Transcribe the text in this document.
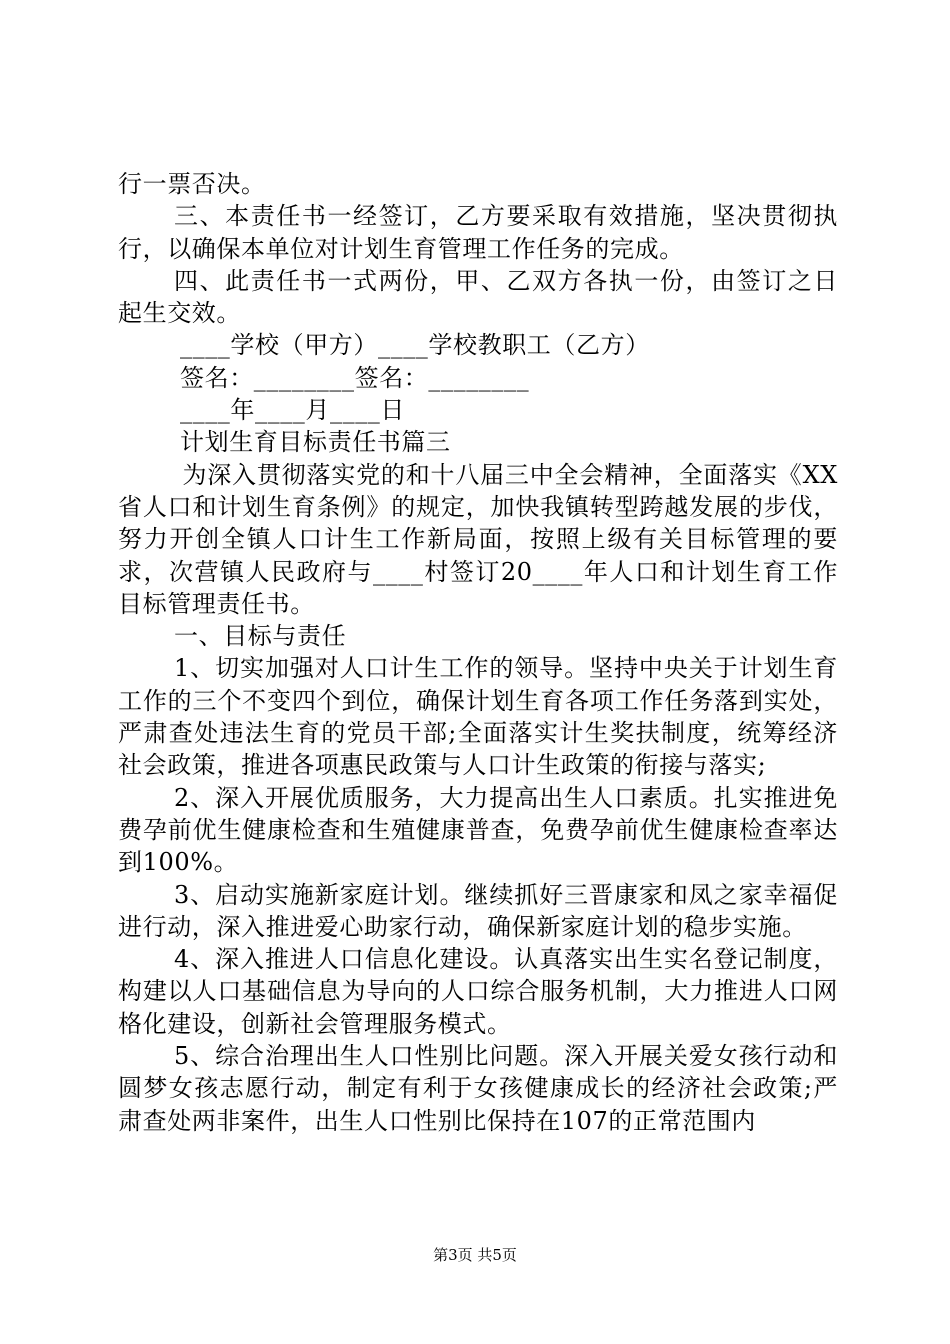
行一票否决。

三、本责任书一经签订，乙方要采取有效措施，坚决贯彻执行，以确保本单位对计划生育管理工作任务的完成。

四、此责任书一式两份，甲、乙双方各执一份，由签订之日起生交效。

____学校（甲方）____学校教职工（乙方）

签名：________签名：________

____年____月____日

计划生育目标责任书篇三

为深入贯彻落实党的和十八届三中全会精神，全面落实《XX省人口和计划生育条例》的规定，加快我镇转型跨越发展的步伐，努力开创全镇人口计生工作新局面，按照上级有关目标管理的要求，次营镇人民政府与____村签订20____年人口和计划生育工作目标管理责任书。

一、目标与责任

1、切实加强对人口计生工作的领导。坚持中央关于计划生育工作的三个不变四个到位，确保计划生育各项工作任务落到实处，严肃查处违法生育的党员干部;全面落实计生奖扶制度，统筹经济社会政策，推进各项惠民政策与人口计生政策的衔接与落实;

2、深入开展优质服务，大力提高出生人口素质。扎实推进免费孕前优生健康检查和生殖健康普查，免费孕前优生健康检查率达到100%。

3、启动实施新家庭计划。继续抓好三晋康家和凤之家幸福促进行动，深入推进爱心助家行动，确保新家庭计划的稳步实施。

4、深入推进人口信息化建设。认真落实出生实名登记制度，构建以人口基础信息为导向的人口综合服务机制，大力推进人口网格化建设，创新社会管理服务模式。

5、综合治理出生人口性别比问题。深入开展关爱女孩行动和圆梦女孩志愿行动，制定有利于女孩健康成长的经济社会政策;严肃查处两非案件，出生人口性别比保持在107的正常范围内

第3页 共5页
